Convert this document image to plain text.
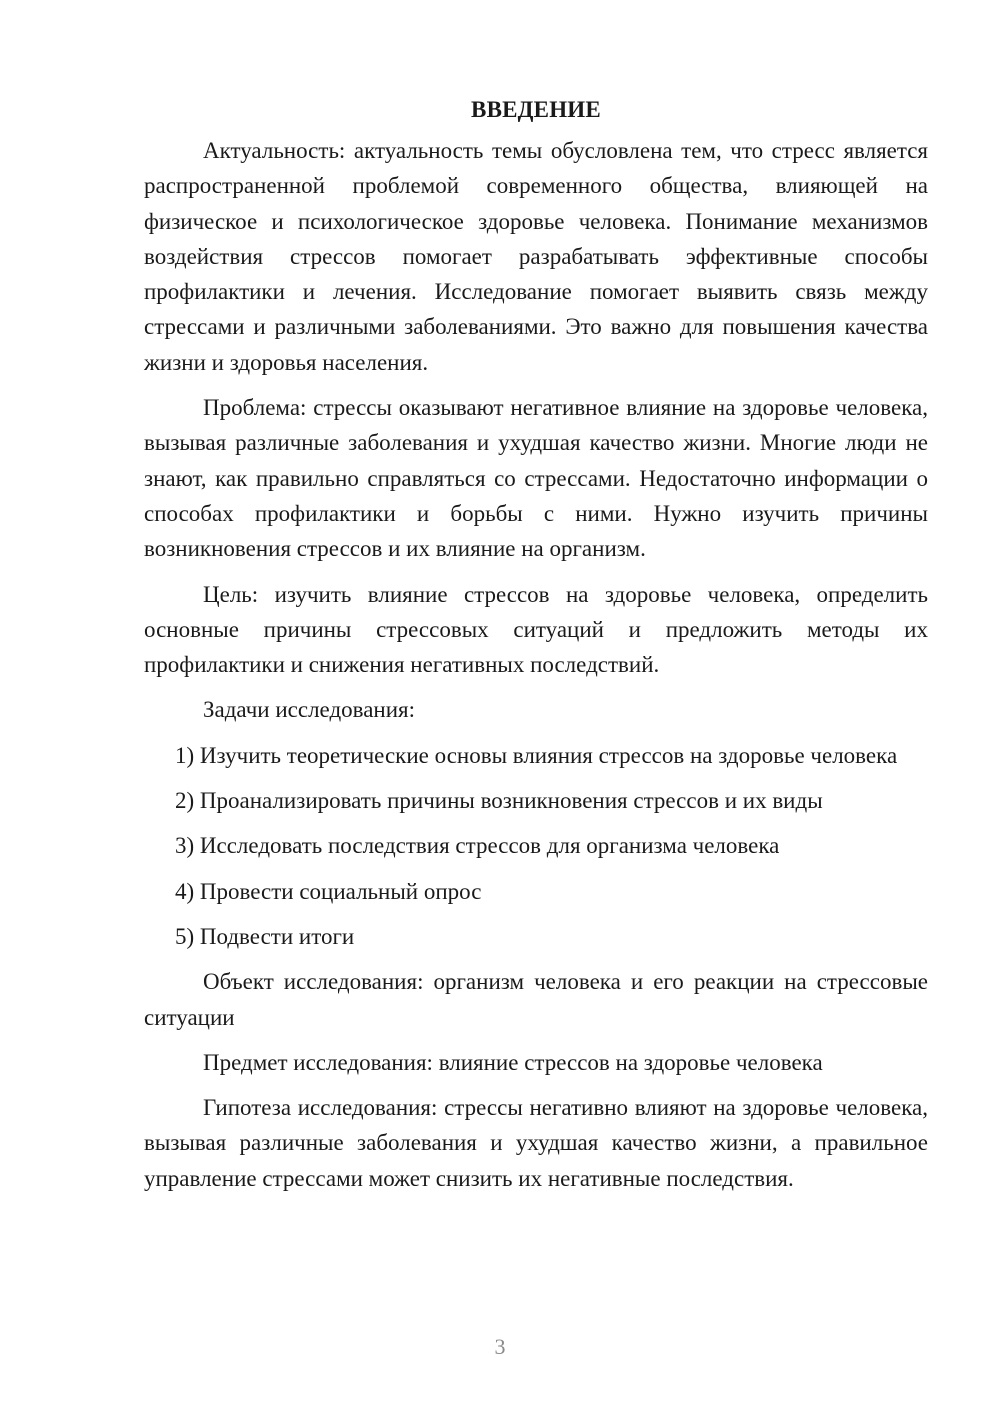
ВВЕДЕНИЕ

Актуальность: актуальность темы обусловлена тем, что стресс является распространенной проблемой современного общества, влияющей на физическое и психологическое здоровье человека. Понимание механизмов воздействия стрессов помогает разрабатывать эффективные способы профилактики и лечения. Исследование помогает выявить связь между стрессами и различными заболеваниями. Это важно для повышения качества жизни и здоровья населения.

Проблема: стрессы оказывают негативное влияние на здоровье человека, вызывая различные заболевания и ухудшая качество жизни. Многие люди не знают, как правильно справляться со стрессами. Недостаточно информации о способах профилактики и борьбы с ними. Нужно изучить причины возникновения стрессов и их влияние на организм.

Цель: изучить влияние стрессов на здоровье человека, определить основные причины стрессовых ситуаций и предложить методы их профилактики и снижения негативных последствий.

Задачи исследования:

1) Изучить теоретические основы влияния стрессов на здоровье человека

2) Проанализировать причины возникновения стрессов и их виды

3) Исследовать последствия стрессов для организма человека

4) Провести социальный опрос

5) Подвести итоги

Объект исследования: организм человека и его реакции на стрессовые ситуации

Предмет исследования: влияние стрессов на здоровье человека

Гипотеза исследования: стрессы негативно влияют на здоровье человека, вызывая различные заболевания и ухудшая качество жизни, а правильное управление стрессами может снизить их негативные последствия.

3
